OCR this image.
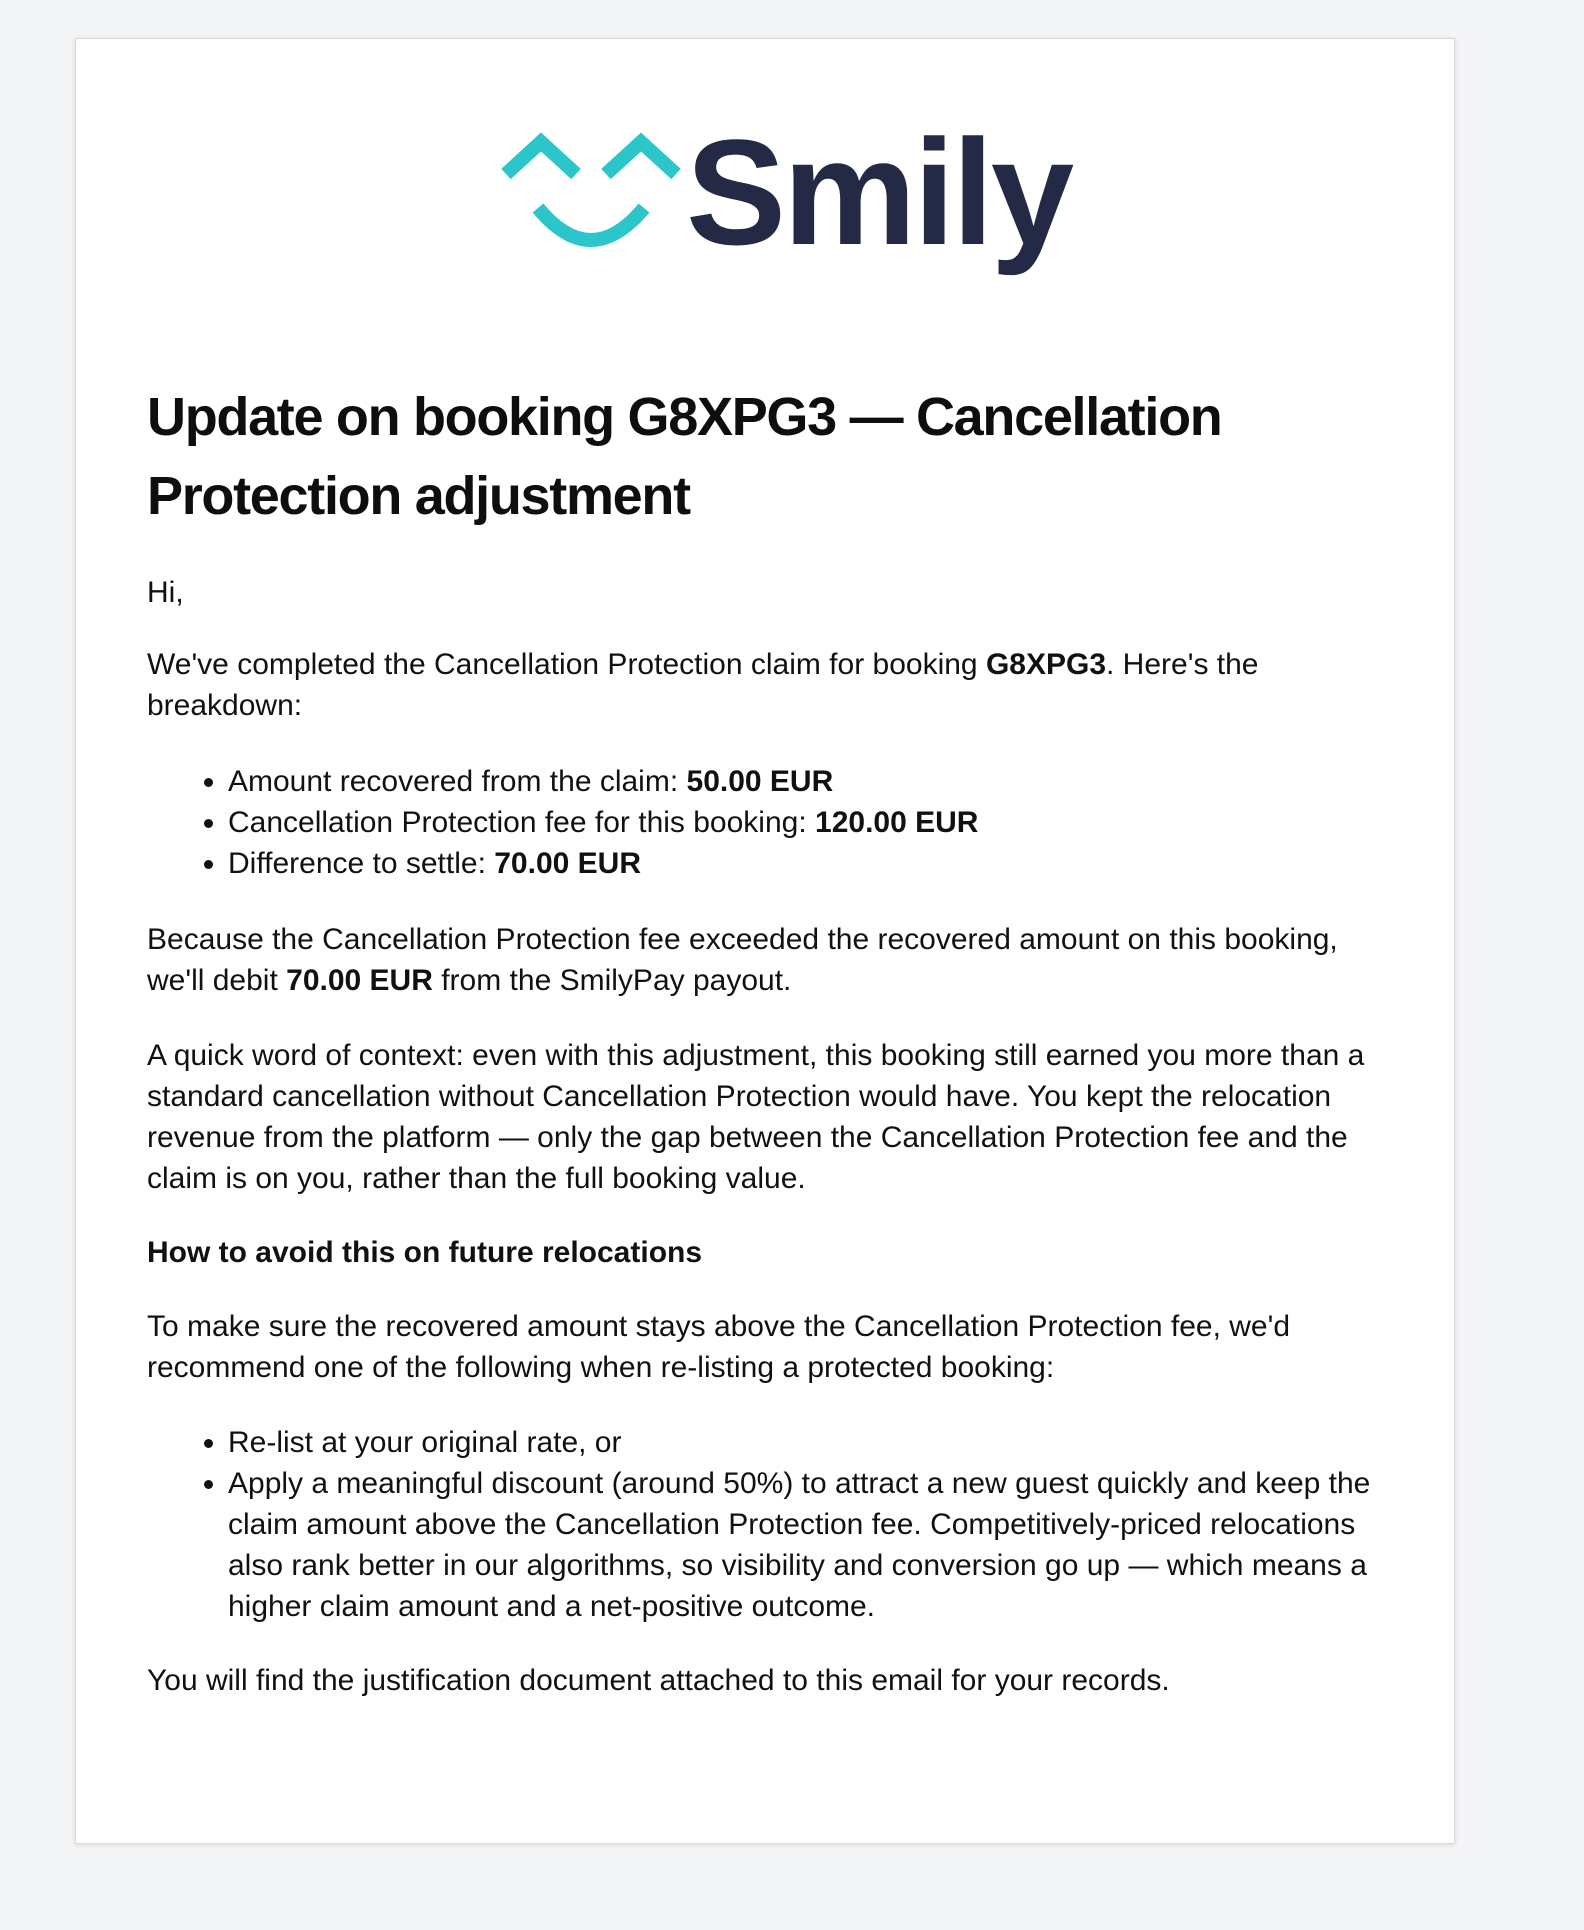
Smily
Update on booking G8XPG3 — Cancellation Protection adjustment

Hi,

We've completed the Cancellation Protection claim for booking G8XPG3. Here's the breakdown:

• Amount recovered from the claim: 50.00 EUR
• Cancellation Protection fee for this booking: 120.00 EUR
• Difference to settle: 70.00 EUR

Because the Cancellation Protection fee exceeded the recovered amount on this booking, we'll debit 70.00 EUR from the SmilyPay payout.

A quick word of context: even with this adjustment, this booking still earned you more than a standard cancellation without Cancellation Protection would have. You kept the relocation revenue from the platform — only the gap between the Cancellation Protection fee and the claim is on you, rather than the full booking value.

How to avoid this on future relocations

To make sure the recovered amount stays above the Cancellation Protection fee, we'd recommend one of the following when re-listing a protected booking:

• Re-list at your original rate, or
• Apply a meaningful discount (around 50%) to attract a new guest quickly and keep the claim amount above the Cancellation Protection fee. Competitively-priced relocations also rank better in our algorithms, so visibility and conversion go up — which means a higher claim amount and a net-positive outcome.

You will find the justification document attached to this email for your records.
